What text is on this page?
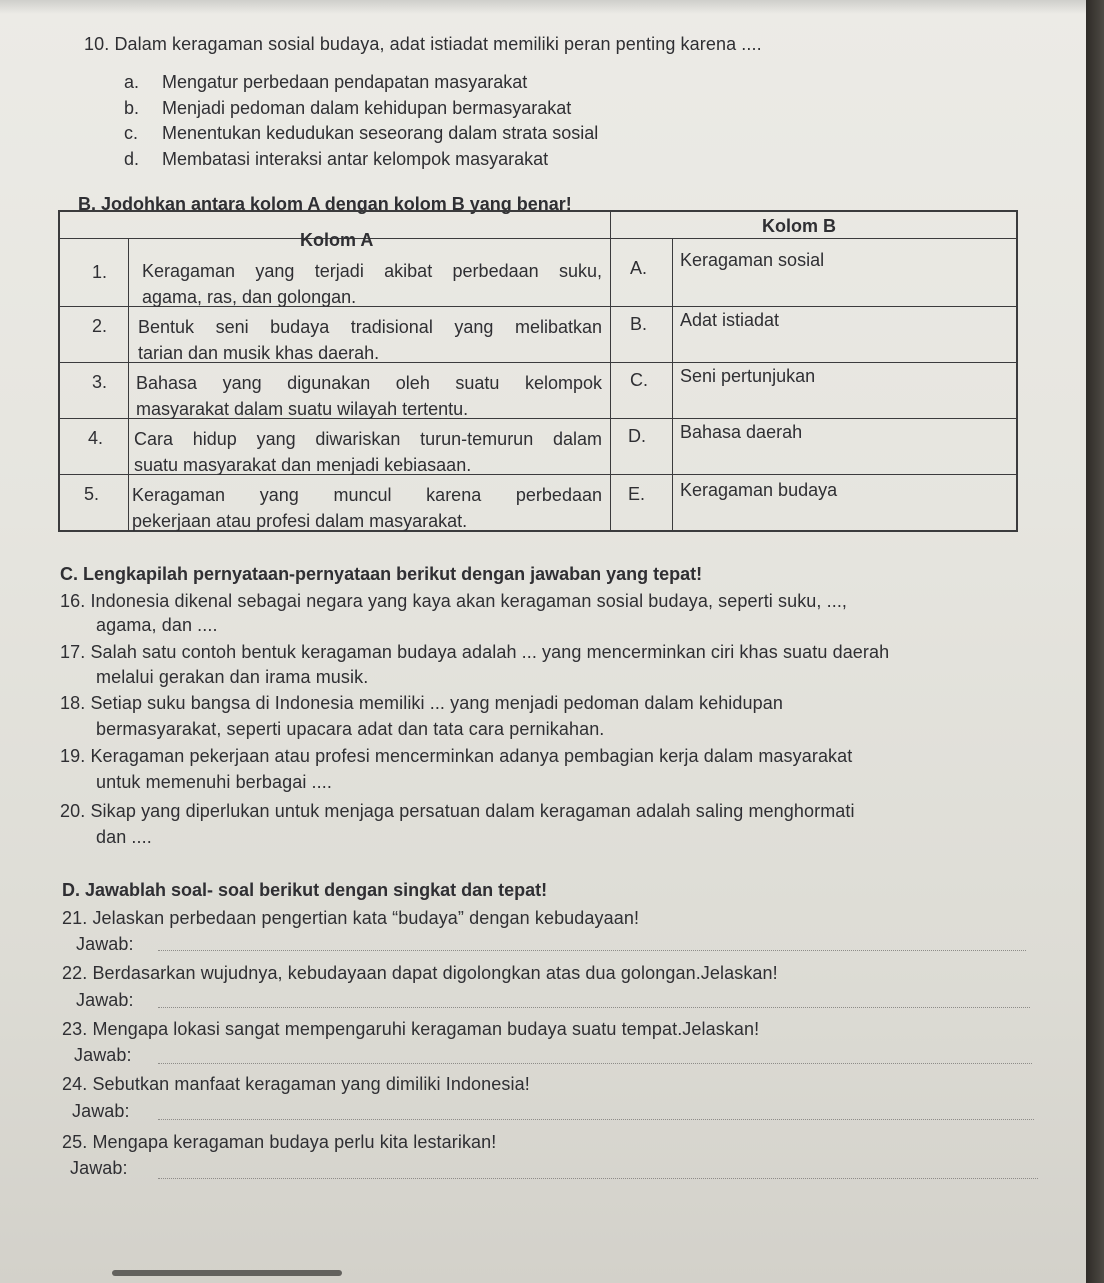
10. Dalam keragaman sosial budaya, adat istiadat memiliki peran penting karena ....
a. Mengatur perbedaan pendapatan masyarakat
b. Menjadi pedoman dalam kehidupan bermasyarakat
c. Menentukan kedudukan seseorang dalam strata sosial
d. Membatasi interaksi antar kelompok masyarakat
B. Jodohkan antara kolom A dengan kolom B yang benar!
Kolom A
Kolom B
1. Keragaman yang terjadi akibat perbedaan suku,
agama, ras, dan golongan.
A. Keragaman sosial
2. Bentuk seni budaya tradisional yang melibatkan
tarian dan musik khas daerah.
B. Adat istiadat
3. Bahasa yang digunakan oleh suatu kelompok
masyarakat dalam suatu wilayah tertentu.
C. Seni pertunjukan
4. Cara hidup yang diwariskan turun-temurun dalam
suatu masyarakat dan menjadi kebiasaan.
D. Bahasa daerah
5. Keragaman yang muncul karena perbedaan
pekerjaan atau profesi dalam masyarakat.
E. Keragaman budaya
C. Lengkapilah pernyataan-pernyataan berikut dengan jawaban yang tepat!
16. Indonesia dikenal sebagai negara yang kaya akan keragaman sosial budaya, seperti suku, ...,
agama, dan ....
17. Salah satu contoh bentuk keragaman budaya adalah ... yang mencerminkan ciri khas suatu daerah
melalui gerakan dan irama musik.
18. Setiap suku bangsa di Indonesia memiliki ... yang menjadi pedoman dalam kehidupan
bermasyarakat, seperti upacara adat dan tata cara pernikahan.
19. Keragaman pekerjaan atau profesi mencerminkan adanya pembagian kerja dalam masyarakat
untuk memenuhi berbagai ....
20. Sikap yang diperlukan untuk menjaga persatuan dalam keragaman adalah saling menghormati
dan ....
D. Jawablah soal- soal berikut dengan singkat dan tepat!
21. Jelaskan perbedaan pengertian kata “budaya” dengan kebudayaan!
Jawab:
22. Berdasarkan wujudnya, kebudayaan dapat digolongkan atas dua golongan.Jelaskan!
Jawab:
23. Mengapa lokasi sangat mempengaruhi keragaman budaya suatu tempat.Jelaskan!
Jawab:
24. Sebutkan manfaat keragaman yang dimiliki Indonesia!
Jawab:
25. Mengapa keragaman budaya perlu kita lestarikan!
Jawab:
